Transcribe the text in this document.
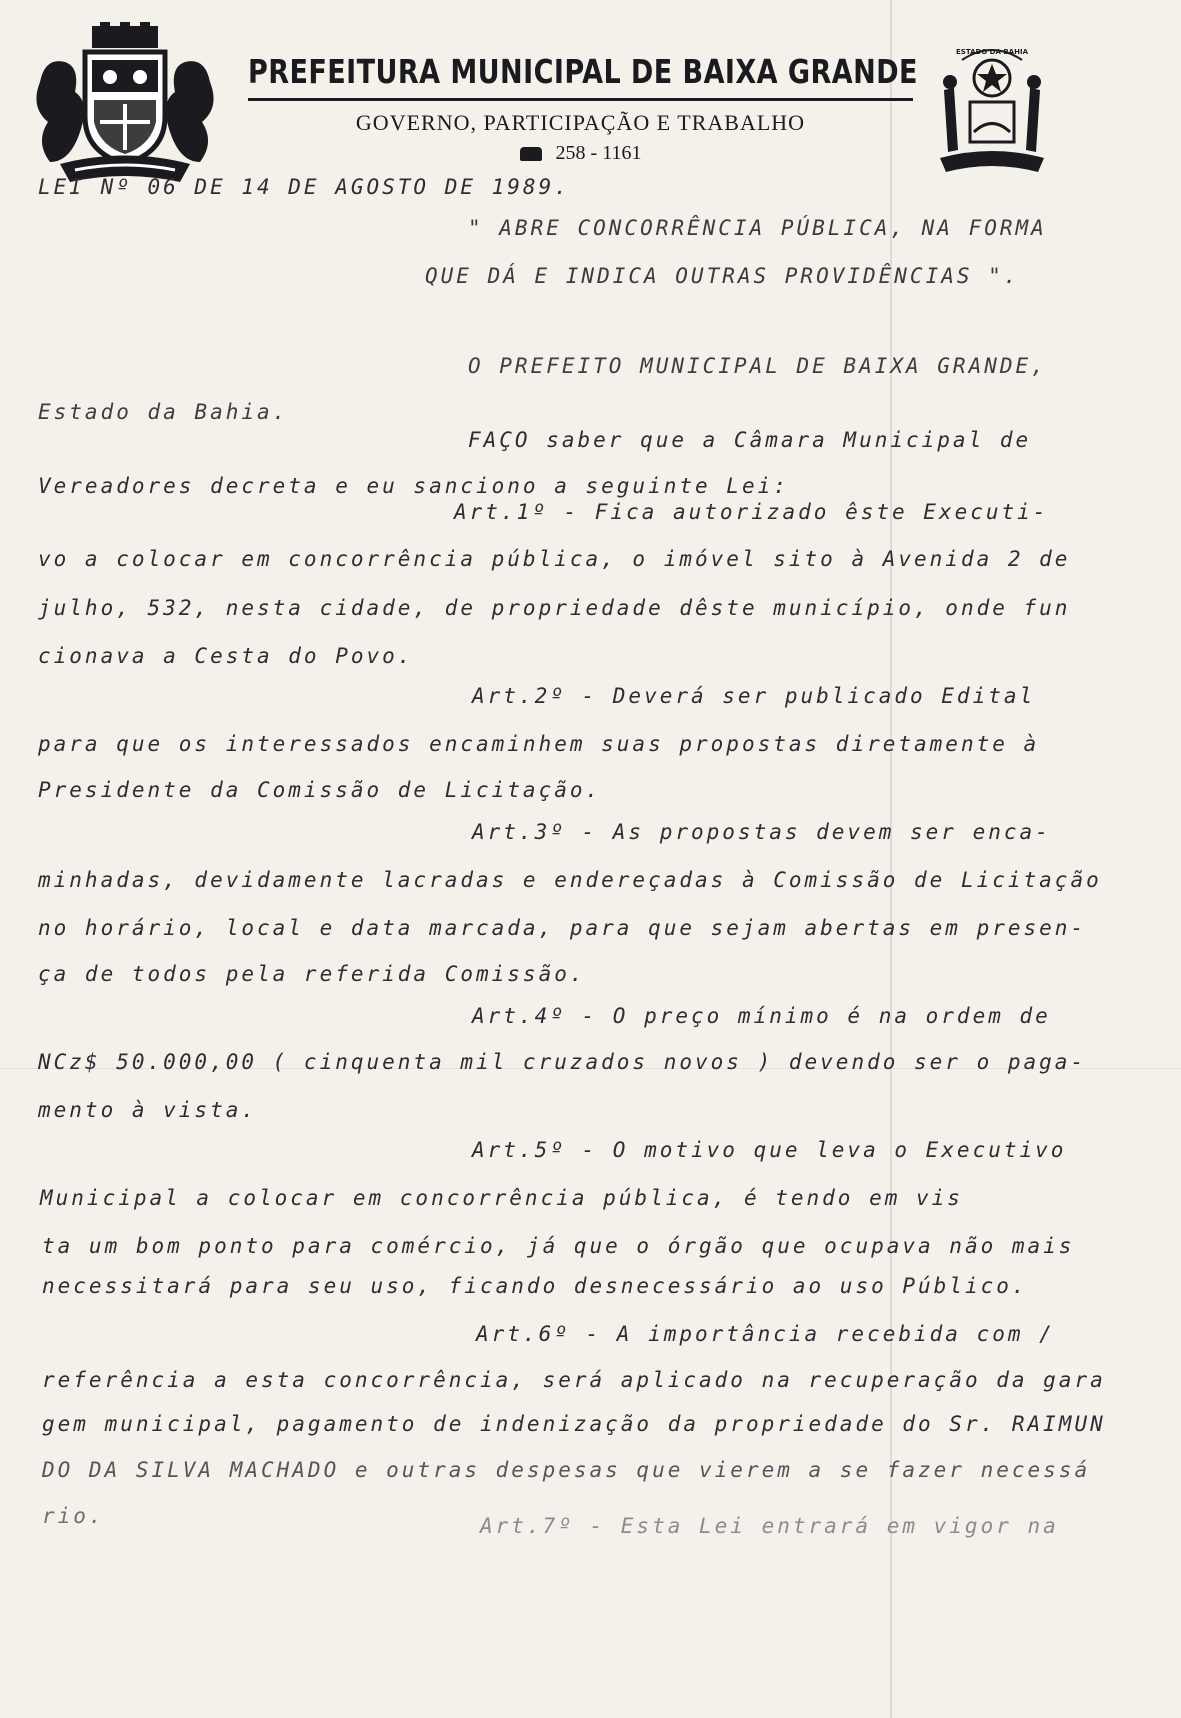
PREFEITURA MUNICIPAL DE BAIXA GRANDE
GOVERNO, PARTICIPAÇÃO E TRABALHO
258 - 1161
ESTADO DA BAHIA
LEI Nº 06 DE 14 DE AGOSTO DE 1989.
" ABRE CONCORRÊNCIA PÚBLICA, NA FORMA
QUE DÁ E INDICA OUTRAS PROVIDÊNCIAS ".
O PREFEITO MUNICIPAL DE BAIXA GRANDE,
Estado da Bahia.
FAÇO saber que a Câmara Municipal de
Vereadores decreta e eu sanciono a seguinte Lei:
Art.1º - Fica autorizado êste Executi-
vo a colocar em concorrência pública, o imóvel sito à Avenida 2 de
julho, 532, nesta cidade, de propriedade dêste município, onde fun
cionava a Cesta do Povo.
Art.2º - Deverá ser publicado Edital
para que os interessados encaminhem suas propostas diretamente à
Presidente da Comissão de Licitação.
Art.3º - As propostas devem ser enca-
minhadas, devidamente lacradas e endereçadas à Comissão de Licitação
no horário, local e data marcada, para que sejam abertas em presen-
ça de todos pela referida Comissão.
Art.4º - O preço mínimo é na ordem de
NCz$ 50.000,00 ( cinquenta mil cruzados novos ) devendo ser o paga-
mento à vista.
Art.5º - O motivo que leva o Executivo
Municipal a colocar em concorrência pública, é tendo em vis
ta um bom ponto para comércio, já que o órgão que ocupava não mais
necessitará para seu uso, ficando desnecessário ao uso Público.
Art.6º - A importância recebida com /
referência a esta concorrência, será aplicado na recuperação da gara
gem municipal, pagamento de indenização da propriedade do Sr. RAIMUN
DO DA SILVA MACHADO e outras despesas que vierem a se fazer necessá
rio.	Art.7º - Esta Lei entrará em vigor na
